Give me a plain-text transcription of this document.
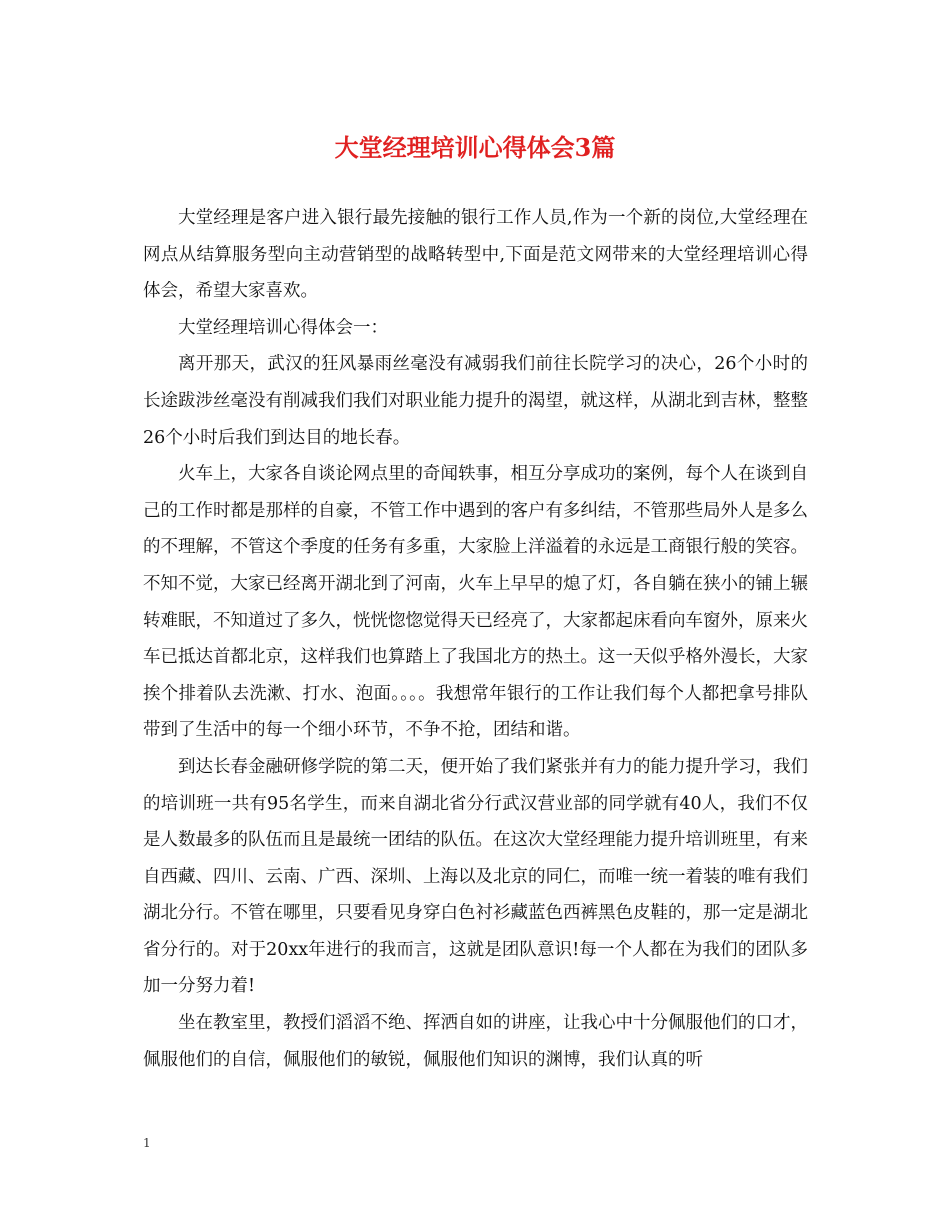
大堂经理培训心得体会3篇

大堂经理是客户进入银行最先接触的银行工作人员,作为一个新的岗位,大堂经理在网点从结算服务型向主动营销型的战略转型中,下面是范文网带来的大堂经理培训心得体会，希望大家喜欢。

大堂经理培训心得体会一：

离开那天，武汉的狂风暴雨丝毫没有减弱我们前往长院学习的决心，26个小时的长途跋涉丝毫没有削减我们我们对职业能力提升的渴望，就这样，从湖北到吉林，整整26个小时后我们到达目的地长春。

火车上，大家各自谈论网点里的奇闻轶事，相互分享成功的案例，每个人在谈到自己的工作时都是那样的自豪，不管工作中遇到的客户有多纠结，不管那些局外人是多么的不理解，不管这个季度的任务有多重，大家脸上洋溢着的永远是工商银行般的笑容。不知不觉，大家已经离开湖北到了河南，火车上早早的熄了灯，各自躺在狭小的铺上辗转难眠，不知道过了多久，恍恍惚惚觉得天已经亮了，大家都起床看向车窗外，原来火车已抵达首都北京，这样我们也算踏上了我国北方的热土。这一天似乎格外漫长，大家挨个排着队去洗漱、打水、泡面。。。。我想常年银行的工作让我们每个人都把拿号排队带到了生活中的每一个细小环节，不争不抢，团结和谐。

到达长春金融研修学院的第二天，便开始了我们紧张并有力的能力提升学习，我们的培训班一共有95名学生，而来自湖北省分行武汉营业部的同学就有40人，我们不仅是人数最多的队伍而且是最统一团结的队伍。在这次大堂经理能力提升培训班里，有来自西藏、四川、云南、广西、深圳、上海以及北京的同仁，而唯一统一着装的唯有我们湖北分行。不管在哪里，只要看见身穿白色衬衫藏蓝色西裤黑色皮鞋的，那一定是湖北省分行的。对于20xx年进行的我而言，这就是团队意识!每一个人都在为我们的团队多加一分努力着!

坐在教室里，教授们滔滔不绝、挥洒自如的讲座，让我心中十分佩服他们的口才，佩服他们的自信，佩服他们的敏锐，佩服他们知识的渊博，我们认真的听

1
